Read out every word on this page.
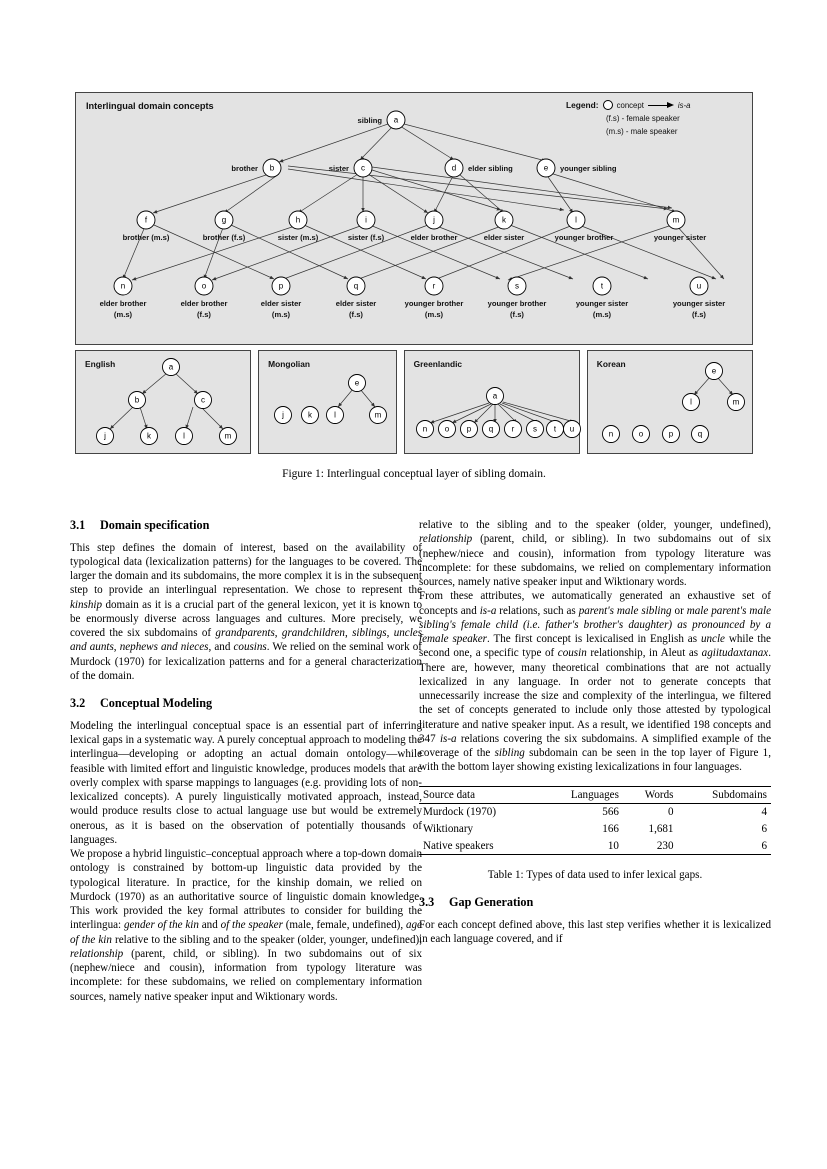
Interlingual domain concepts	Legend: concept	is-a
(f.s) - female speaker
(m.s) - male speaker
a
sibling
b
brother	c
sister	d elder sibling	e younger sibling
f
brother (m.s)
g
brother (f.s)
h
sister (m.s)
i
sister (f.s)
j
elder brother
k
elder sister
l
younger brother
m
younger sister
n
elder brother
(m.s)
o
elder brother
(f.s)
p
elder sister
(m.s)
q
elder sister
(f.s)
r
younger brother
(m.s)
s
younger brother
(f.s)
t
younger sister
(m.s)
u
younger sister
(f.s)
English	a
b	c
j	k	l	m
Mongolian
j	k
e
l	m
Greenlandic
a
n o p q r s t u
Korean
e
l	m
n	o	p	q
Figure 1: Interlingual conceptual layer of sibling domain.
3.1 Domain specification

This step defines the domain of interest, based on the availability of typological data (lexicalization patterns) for the languages to be covered. The larger the domain and its subdomains, the more complex it is in the subsequent step to provide an interlingual representation. We chose to represent the kinship domain as it is a crucial part of the general lexicon, yet it is known to be enormously diverse across languages and cultures. More precisely, we covered the six subdomains of grandparents, grandchildren, siblings, uncles and aunts, nephews and nieces, and cousins. We relied on the seminal work of Murdock (1970) for lexicalization patterns and for a general characterization of the domain.

3.2 Conceptual Modeling

Modeling the interlingual conceptual space is an essential part of inferring lexical gaps in a systematic way. A purely conceptual approach to modeling the interlingua—developing or adopting an actual domain ontology—while feasible with limited effort and linguistic knowledge, produces models that are overly complex with sparse mappings to languages (e.g. providing lots of non-lexicalized concepts). A purely linguistically motivated approach, instead, would produce results close to actual language use but would be extremely onerous, as it is based on the observation of potentially thousands of languages.

We propose a hybrid linguistic–conceptual approach where a top-down domain ontology is constrained by bottom-up linguistic data provided by the typological literature. In practice, for the kinship domain, we relied on Murdock (1970) as an authoritative source of linguistic domain knowledge. This work provided the key formal attributes to consider for building the interlingua: gender of the kin and of the speaker (male, female, undefined), age of the kin relative to the sibling and to the speaker (older, younger, undefined), relationship (parent, child, or sibling). In two subdomains out of six (nephew/niece and cousin), information from typology literature was incomplete: for these subdomains, we relied on complementary information sources, namely native speaker input and Wiktionary words.

relative to the sibling and to the speaker (older, younger, undefined), relationship (parent, child, or sibling). In two subdomains out of six (nephew/niece and cousin), information from typology literature was incomplete: for these subdomains, we relied on complementary information sources, namely native speaker input and Wiktionary words.

From these attributes, we automatically generated an exhaustive set of concepts and is-a relations, such as parent's male sibling or male parent's male sibling's female child (i.e. father's brother's daughter) as pronounced by a female speaker. The first concept is lexicalised in English as uncle while the second one, a specific type of cousin relationship, in Aleut as agiitudaxtanax. There are, however, many theoretical combinations that are not actually lexicalized in any language. In order not to generate concepts that unnecessarily increase the size and complexity of the interlingua, we filtered the set of concepts generated to include only those attested by typological literature and native speaker input. As a result, we identified 198 concepts and 347 is-a relations covering the six subdomains. A simplified example of the coverage of the sibling subdomain can be seen in the top layer of Figure 1, with the bottom layer showing existing lexicalizations in four languages.

Source data	Languages	Words	Subdomains
Murdock (1970)	566	0	4
Wiktionary	166	1,681	6
Native speakers	10	230	6
Table 1: Types of data used to infer lexical gaps.
3.3 Gap Generation

For each concept defined above, this last step verifies whether it is lexicalized in each language covered, and if
